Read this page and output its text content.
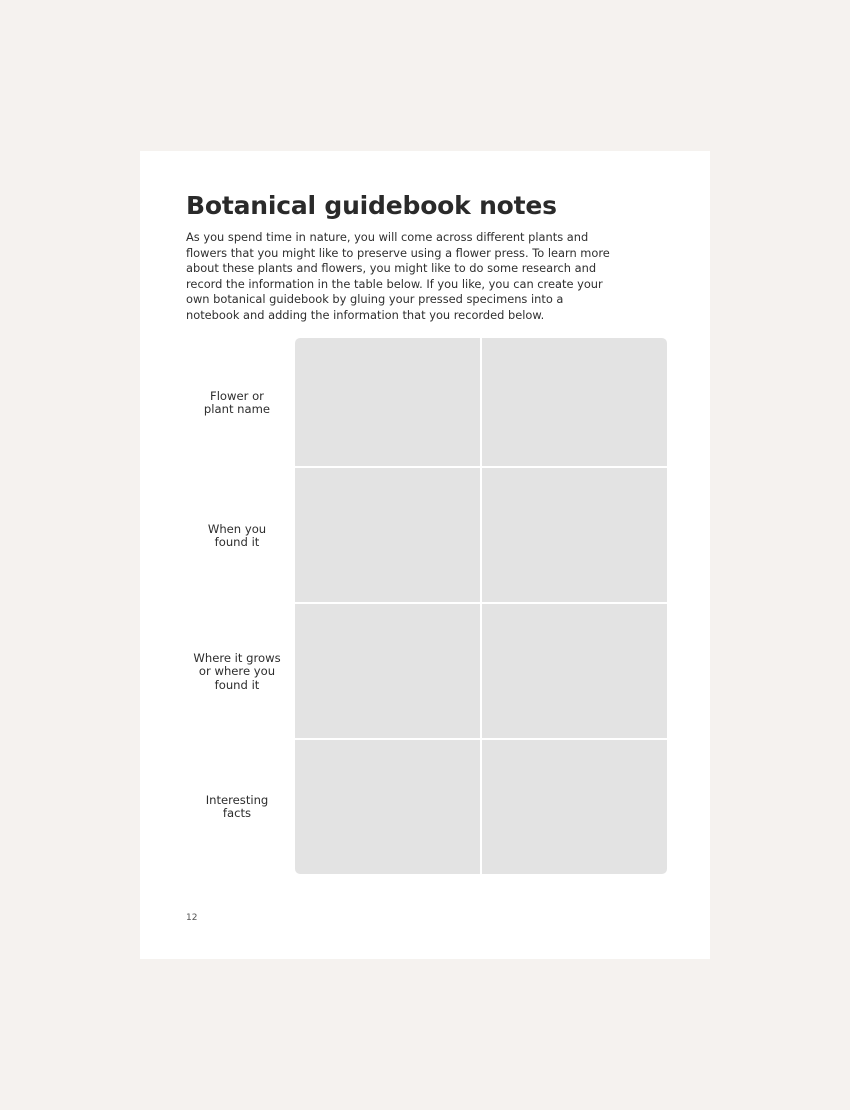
Botanical guidebook notes

As you spend time in nature, you will come across different plants and
flowers that you might like to preserve using a flower press. To learn more
about these plants and flowers, you might like to do some research and
record the information in the table below. If you like, you can create your
own botanical guidebook by gluing your pressed specimens into a
notebook and adding the information that you recorded below.

Flower or
plant name
When you
found it
Where it grows
or where you
found it
Interesting
facts
12
